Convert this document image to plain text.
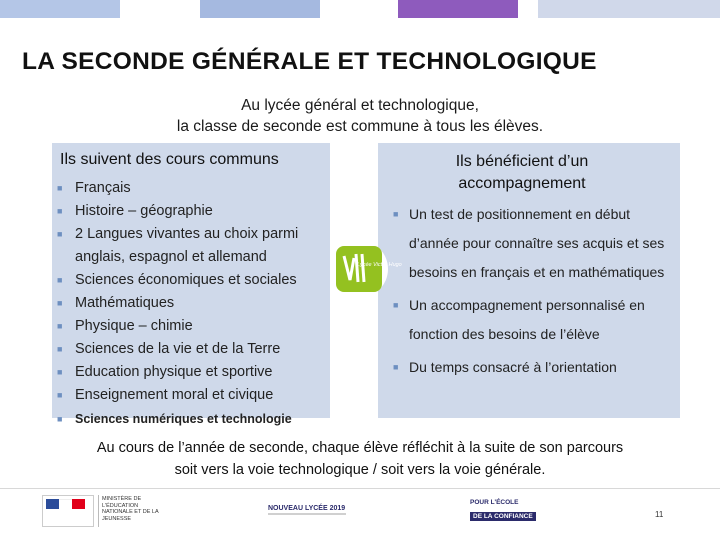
LA SECONDE GÉNÉRALE ET TECHNOLOGIQUE
Au lycée général et technologique,
la classe de seconde est commune à tous les élèves.
Ils suivent des cours communs	Ils bénéficient d’un accompagnement
■ Français
■ Histoire – géographie
■ 2 Langues vivantes au choix parmi anglais, espagnol et allemand
■ Sciences économiques et sociales
■ Mathématiques
■ Physique – chimie
■ Sciences de la vie et de la Terre
■ Education physique et sportive
■ Enseignement moral et civique
■ Sciences numériques et technologie
■ Un test de positionnement en début d’année pour connaître ses acquis et ses besoins en français et en mathématiques
■ Un accompagnement personnalisé en fonction des besoins de l’élève
■ Du temps consacré à l’orientation
Lycée Victor Hugo
Au cours de l’année de seconde, chaque élève réfléchit à la suite de son parcours
soit vers la voie technologique / soit vers la voie générale.
MINISTÈRE DE L'ÉDUCATION NATIONALE ET DE LA JEUNESSE
NOUVEAU LYCÉE 2019
POUR L'ÉCOLE
DE LA CONFIANCE	11
